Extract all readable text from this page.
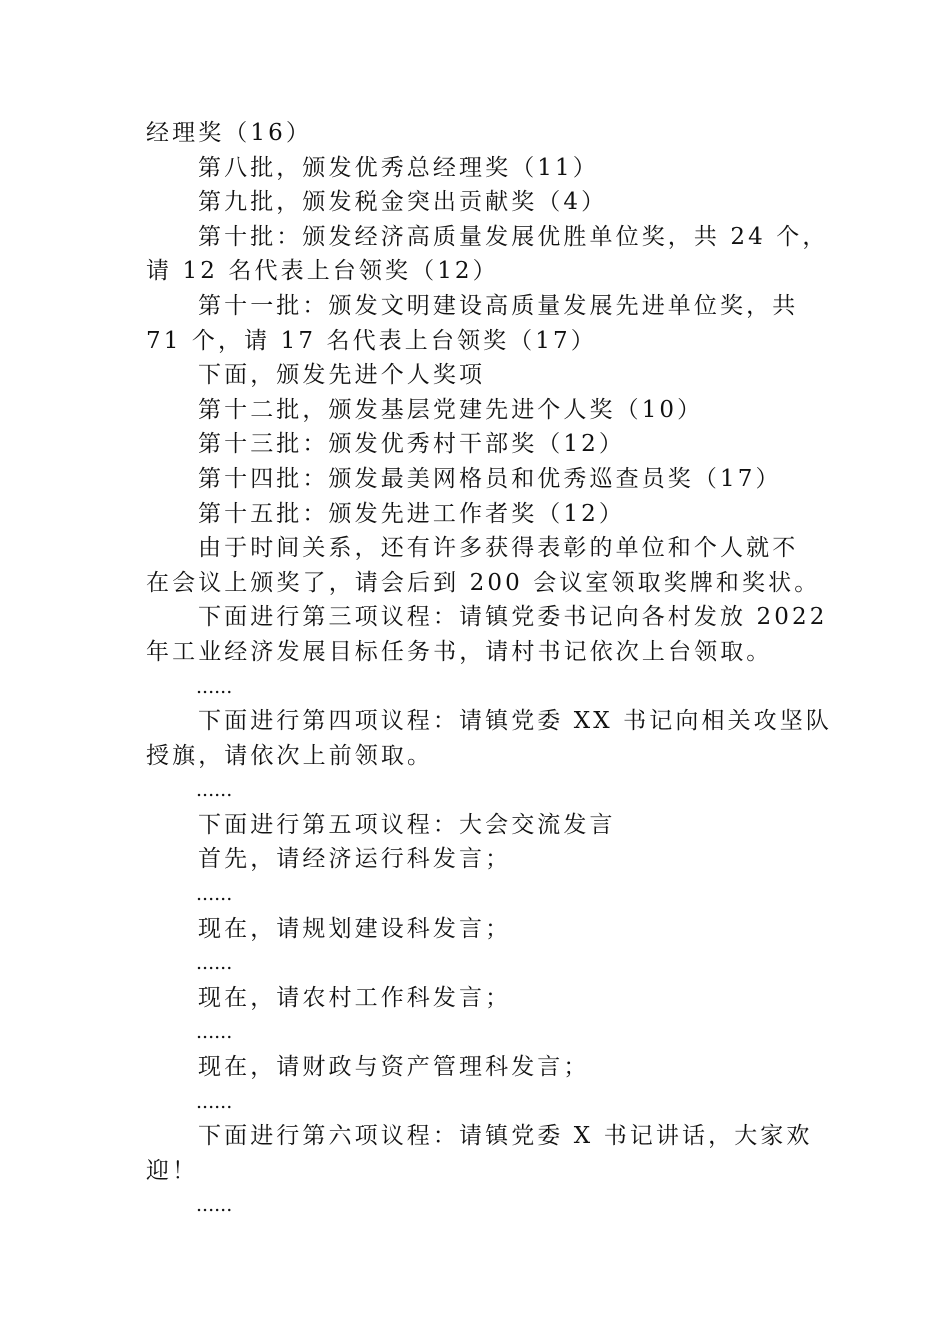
经理奖（16）

第八批，颁发优秀总经理奖（11）

第九批，颁发税金突出贡献奖（4）

第十批：颁发经济高质量发展优胜单位奖，共 24 个，

请 12 名代表上台领奖（12）

第十一批：颁发文明建设高质量发展先进单位奖，共

71 个，请 17 名代表上台领奖（17）

下面，颁发先进个人奖项

第十二批，颁发基层党建先进个人奖（10）

第十三批：颁发优秀村干部奖（12）

第十四批：颁发最美网格员和优秀巡查员奖（17）

第十五批：颁发先进工作者奖（12）

由于时间关系，还有许多获得表彰的单位和个人就不

在会议上颁奖了，请会后到 200 会议室领取奖牌和奖状。

下面进行第三项议程：请镇党委书记向各村发放 2022

年工业经济发展目标任务书，请村书记依次上台领取。

......

下面进行第四项议程：请镇党委 XX 书记向相关攻坚队

授旗，请依次上前领取。

......

下面进行第五项议程：大会交流发言

首先，请经济运行科发言；

......

现在，请规划建设科发言；

......

现在，请农村工作科发言；

......

现在，请财政与资产管理科发言；

......

下面进行第六项议程：请镇党委 X 书记讲话，大家欢

迎！

......
